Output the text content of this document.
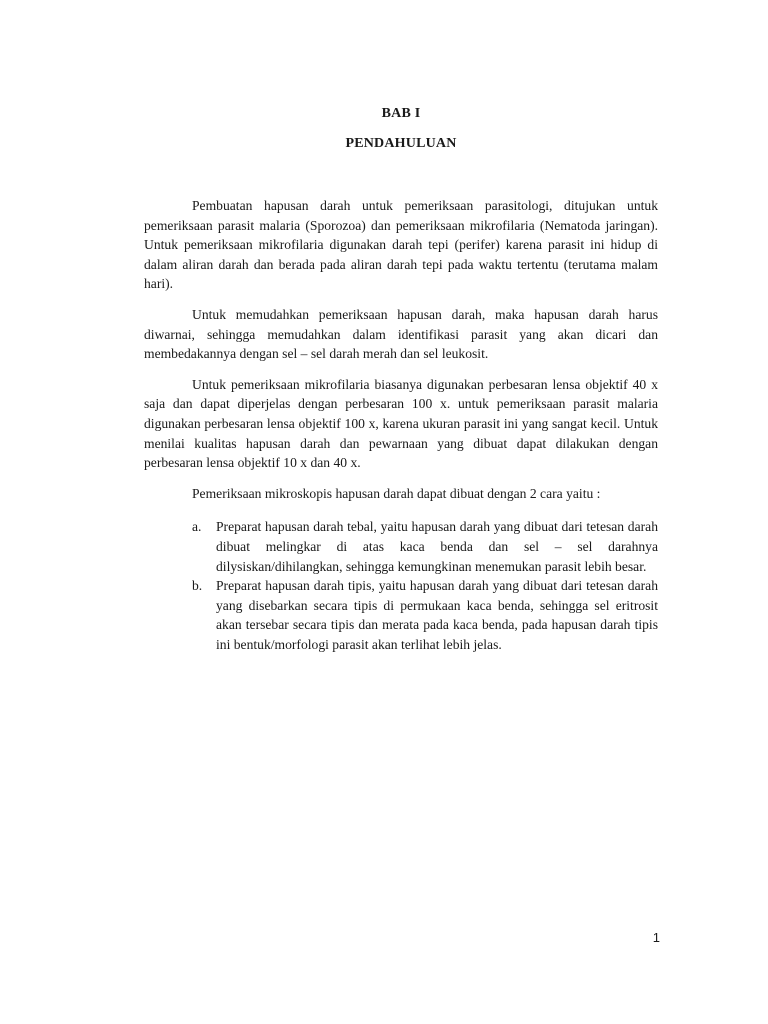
BAB I
PENDAHULUAN

Pembuatan hapusan darah untuk pemeriksaan parasitologi, ditujukan untuk pemeriksaan parasit malaria (Sporozoa) dan pemeriksaan mikrofilaria (Nematoda jaringan). Untuk pemeriksaan mikrofilaria digunakan darah tepi (perifer) karena parasit ini hidup di dalam aliran darah dan berada pada aliran darah tepi pada waktu tertentu (terutama malam hari).

Untuk memudahkan pemeriksaan hapusan darah, maka hapusan darah harus diwarnai, sehingga memudahkan dalam identifikasi parasit yang akan dicari dan membedakannya dengan sel – sel darah merah dan sel leukosit.

Untuk pemeriksaan mikrofilaria biasanya digunakan perbesaran lensa objektif 40 x saja dan dapat diperjelas dengan perbesaran 100 x. untuk pemeriksaan parasit malaria digunakan perbesaran lensa objektif 100 x, karena ukuran parasit ini yang sangat kecil. Untuk menilai kualitas hapusan darah dan pewarnaan yang dibuat dapat dilakukan dengan perbesaran lensa objektif 10 x dan 40 x.

Pemeriksaan mikroskopis hapusan darah dapat dibuat dengan 2 cara yaitu :

a. Preparat hapusan darah tebal, yaitu hapusan darah yang dibuat dari tetesan darah dibuat melingkar di atas kaca benda dan sel – sel darahnya dilysiskan/dihilangkan, sehingga kemungkinan menemukan parasit lebih besar.
b. Preparat hapusan darah tipis, yaitu hapusan darah yang dibuat dari tetesan darah yang disebarkan secara tipis di permukaan kaca benda, sehingga sel eritrosit akan tersebar secara tipis dan merata pada kaca benda, pada hapusan darah tipis ini bentuk/morfologi parasit akan terlihat lebih jelas.
1
